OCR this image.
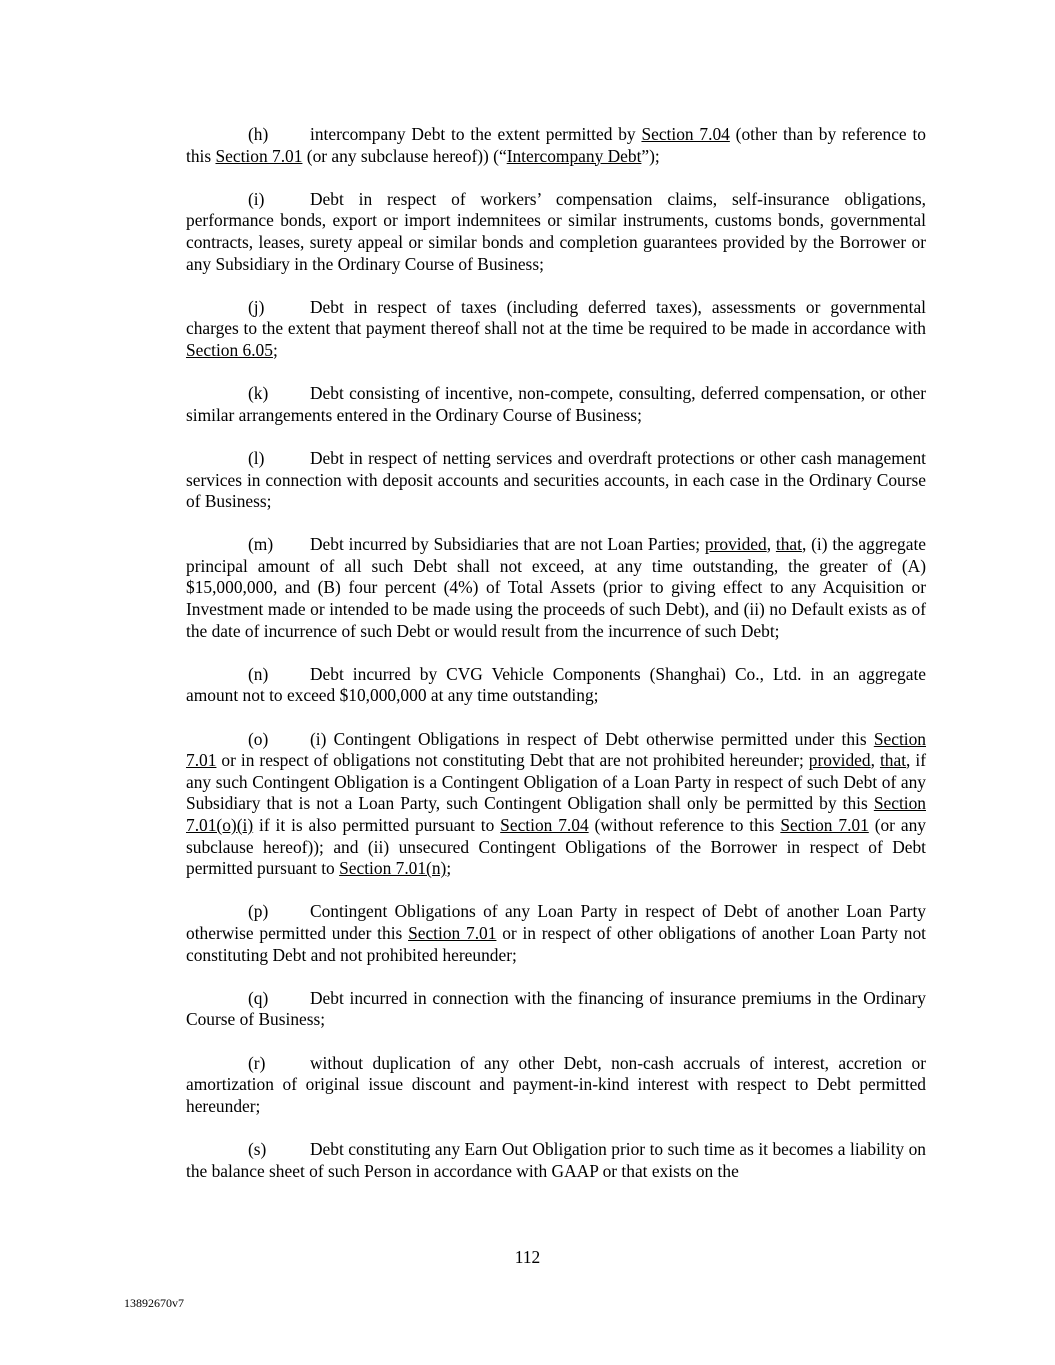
(h) intercompany Debt to the extent permitted by Section 7.04 (other than by reference to this Section 7.01 (or any subclause hereof)) (“Intercompany Debt”);

(i)	Debt in respect of workers’ compensation claims, self-insurance obligations, performance bonds, export or import indemnitees or similar instruments, customs bonds, governmental contracts, leases, surety appeal or similar bonds and completion guarantees provided by the Borrower or any Subsidiary in the Ordinary Course of Business;

(j)	Debt in respect of taxes (including deferred taxes), assessments or governmental charges to the extent that payment thereof shall not at the time be required to be made in accordance with Section 6.05;

(k) Debt consisting of incentive, non-compete, consulting, deferred compensation, or other similar arrangements entered in the Ordinary Course of Business;

(l)	Debt in respect of netting services and overdraft protections or other cash management services in connection with deposit accounts and securities accounts, in each case in the Ordinary Course of Business;

(m) Debt incurred by Subsidiaries that are not Loan Parties; provided, that, (i) the aggregate principal amount of all such Debt shall not exceed, at any time outstanding, the greater of (A) $15,000,000, and (B) four percent (4%) of Total Assets (prior to giving effect to any Acquisition or Investment made or intended to be made using the proceeds of such Debt), and (ii) no Default exists as of the date of incurrence of such Debt or would result from the incurrence of such Debt;

(n) Debt incurred by CVG Vehicle Components (Shanghai) Co., Ltd. in an aggregate amount not to exceed $10,000,000 at any time outstanding;

(o) (i) Contingent Obligations in respect of Debt otherwise permitted under this Section 7.01 or in respect of obligations not constituting Debt that are not prohibited hereunder; provided, that, if any such Contingent Obligation is a Contingent Obligation of a Loan Party in respect of such Debt of any Subsidiary that is not a Loan Party, such Contingent Obligation shall only be permitted by this Section 7.01(o)(i) if it is also permitted pursuant to Section 7.04 (without reference to this Section 7.01 (or any subclause hereof)); and (ii) unsecured Contingent Obligations of the Borrower in respect of Debt permitted pursuant to Section 7.01(n);

(p) Contingent Obligations of any Loan Party in respect of Debt of another Loan Party otherwise permitted under this Section 7.01 or in respect of other obligations of another Loan Party not constituting Debt and not prohibited hereunder;

(q) Debt incurred in connection with the financing of insurance premiums in the Ordinary Course of Business;

(r)	without duplication of any other Debt, non-cash accruals of interest, accretion or amortization of original issue discount and payment-in-kind interest with respect to Debt permitted hereunder;

(s)	Debt constituting any Earn Out Obligation prior to such time as it becomes a liability on the balance sheet of such Person in accordance with GAAP or that exists on the

112
13892670v7
